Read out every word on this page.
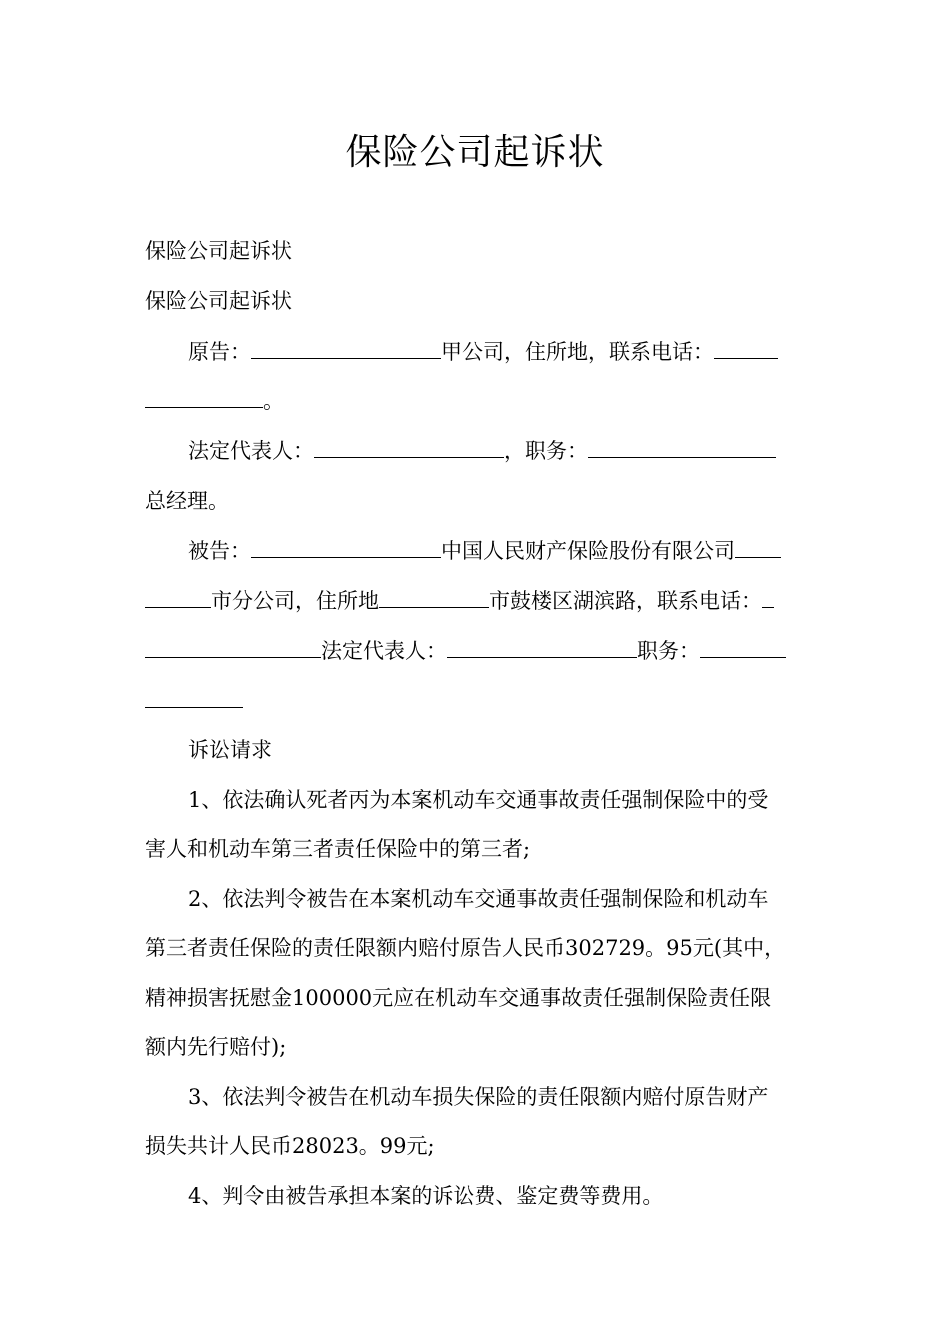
保险公司起诉状

保险公司起诉状

保险公司起诉状

原告：	甲公司，住所地，联系电话：

。

法定代表人：	，职务：

总经理。

被告：	中国人民财产保险股份有限公司

市分公司，住所地	市鼓楼区湖滨路，联系电话：

法定代表人：	职务：

诉讼请求

1、依法确认死者丙为本案机动车交通事故责任强制保险中的受

害人和机动车第三者责任保险中的第三者;

2、依法判令被告在本案机动车交通事故责任强制保险和机动车

第三者责任保险的责任限额内赔付原告人民币302729。95元(其中，

精神损害抚慰金100000元应在机动车交通事故责任强制保险责任限

额内先行赔付);

3、依法判令被告在机动车损失保险的责任限额内赔付原告财产

损失共计人民币28023。99元;

4、判令由被告承担本案的诉讼费、鉴定费等费用。
